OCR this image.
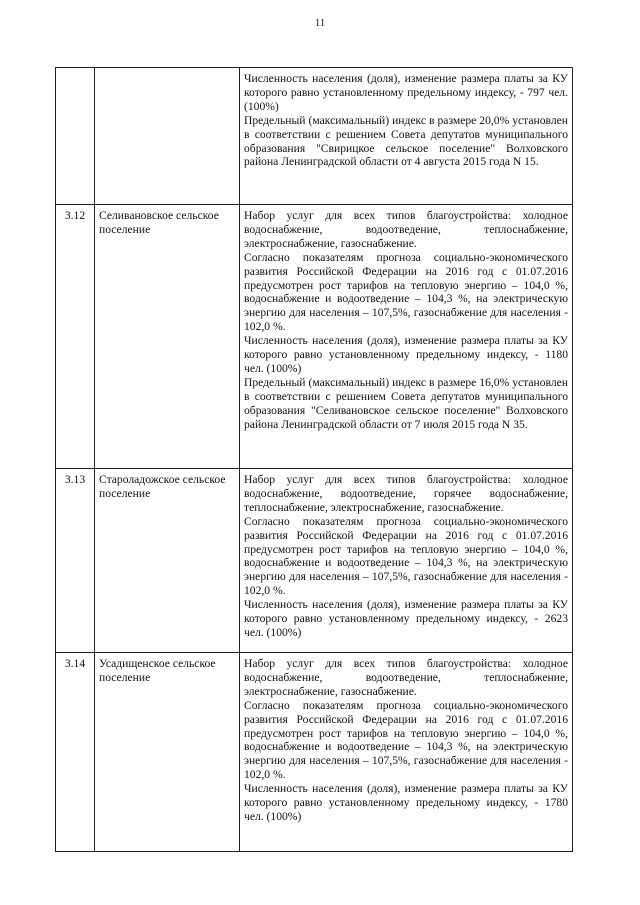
11

		Численность населения (доля), изменение размера платы за КУ которого равно установленному предельному индексу, - 797 чел. (100%)

Предельный (максимальный) индекс в размере 20,0% установлен в соответствии с решением Совета депутатов муниципального образования "Свирицкое сельское поселение" Волховского района Ленинградской области от 4 августа 2015 года N 15.

3.12	Селивановское сельское поселение	Набор услуг для всех типов благоустройства: холодное водоснабжение, водоотведение, теплоснабжение, электроснабжение, газоснабжение.

Согласно показателям прогноза социально-экономического развития Российской Федерации на 2016 год с 01.07.2016 предусмотрен рост тарифов на тепловую энергию – 104,0 %, водоснабжение и водоотведение – 104,3 %, на электрическую энергию для населения – 107,5%, газоснабжение для населения - 102,0 %.

Численность населения (доля), изменение размера платы за КУ которого равно установленному предельному индексу, - 1180 чел. (100%)

Предельный (максимальный) индекс в размере 16,0% установлен в соответствии с решением Совета депутатов муниципального образования "Селивановское сельское поселение" Волховского района Ленинградской области от 7 июля 2015 года N 35.

3.13	Староладожское сельское поселение	Набор услуг для всех типов благоустройства: холодное водоснабжение, водоотведение, горячее водоснабжение, теплоснабжение, электроснабжение, газоснабжение.

Согласно показателям прогноза социально-экономического развития Российской Федерации на 2016 год с 01.07.2016 предусмотрен рост тарифов на тепловую энергию – 104,0 %, водоснабжение и водоотведение – 104,3 %, на электрическую энергию для населения – 107,5%, газоснабжение для населения - 102,0 %.

Численность населения (доля), изменение размера платы за КУ которого равно установленному предельному индексу, - 2623 чел. (100%)

3.14	Усадищенское сельское поселение	Набор услуг для всех типов благоустройства: холодное водоснабжение, водоотведение, теплоснабжение, электроснабжение, газоснабжение.

Согласно показателям прогноза социально-экономического развития Российской Федерации на 2016 год с 01.07.2016 предусмотрен рост тарифов на тепловую энергию – 104,0 %, водоснабжение и водоотведение – 104,3 %, на электрическую энергию для населения – 107,5%, газоснабжение для населения - 102,0 %.

Численность населения (доля), изменение размера платы за КУ которого равно установленному предельному индексу, - 1780 чел. (100%)
